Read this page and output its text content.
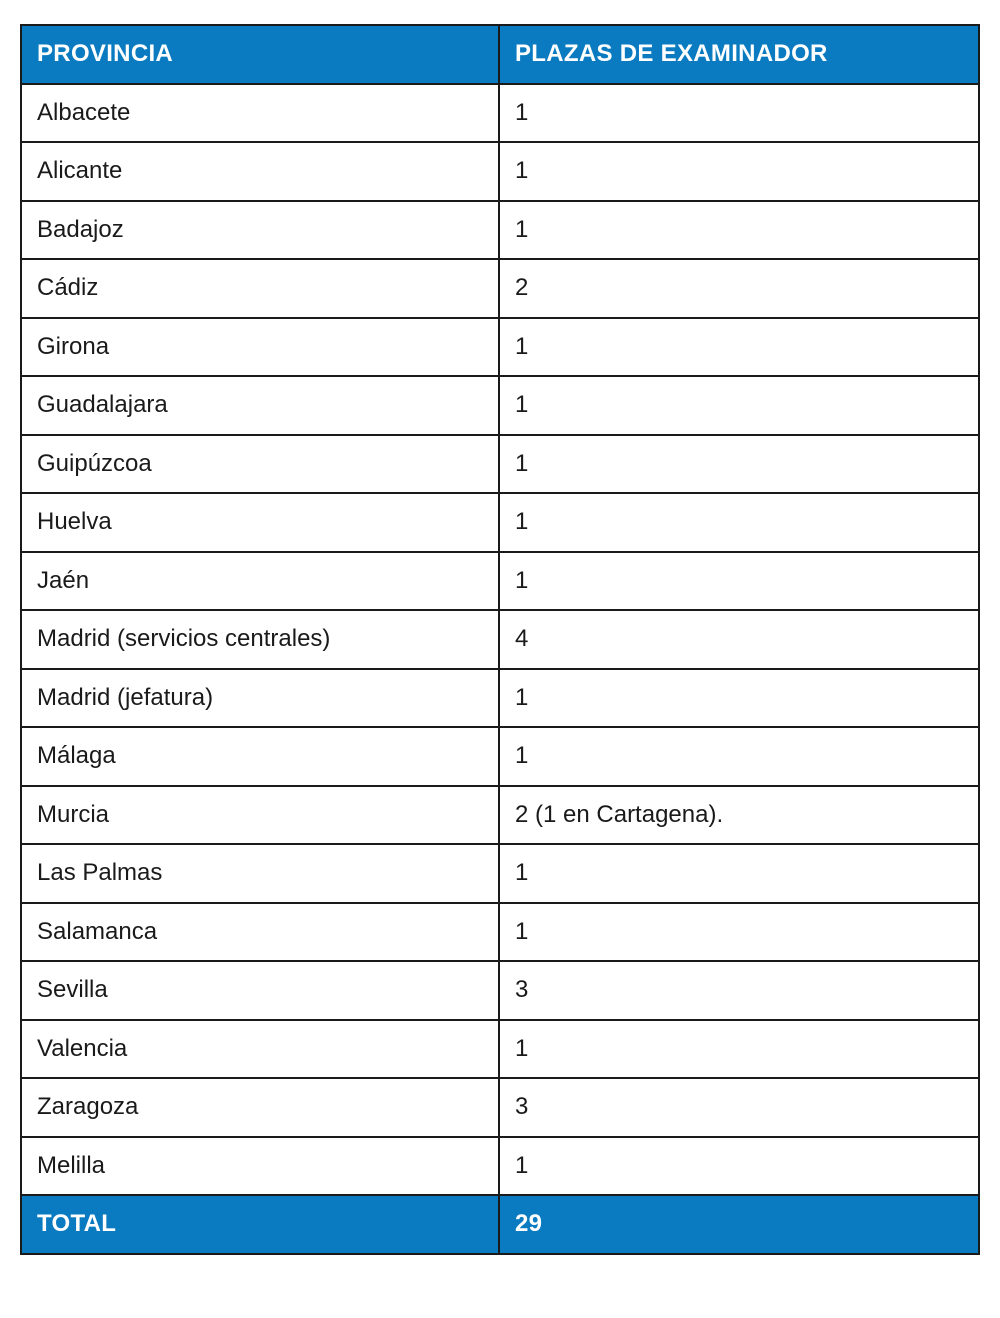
PROVINCIA	PLAZAS DE EXAMINADOR
Albacete	1
Alicante	1
Badajoz	1
Cádiz	2
Girona	1
Guadalajara	1
Guipúzcoa	1
Huelva	1
Jaén	1
Madrid (servicios centrales)	4
Madrid (jefatura)	1
Málaga	1
Murcia	2 (1 en Cartagena).
Las Palmas	1
Salamanca	1
Sevilla	3
Valencia	1
Zaragoza	3
Melilla	1
TOTAL	29
